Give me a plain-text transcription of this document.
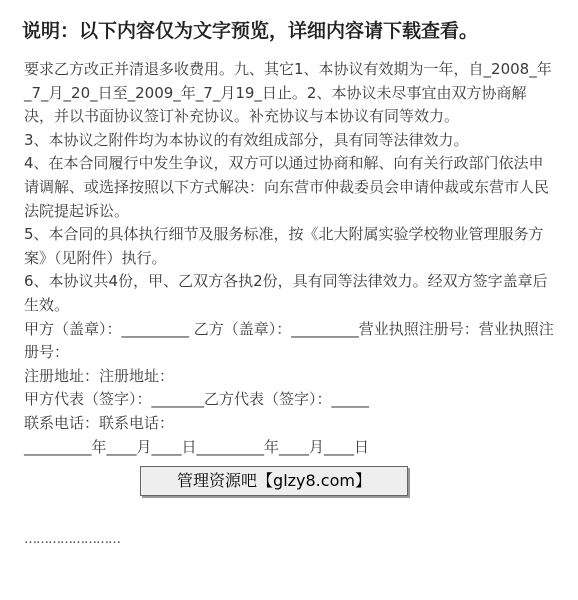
说明：以下内容仅为文字预览，详细内容请下载查看。

要求乙方改正并清退多收费用。九、其它1、本协议有效期为一年，自_2008_年_7_月_20_日至_2009_年_7_月19_日止。2、本协议未尽事宜由双方协商解决，并以书面协议签订补充协议。补充协议与本协议有同等效力。

3、本协议之附件均为本协议的有效组成部分，具有同等法律效力。

4、在本合同履行中发生争议，双方可以通过协商和解、向有关行政部门依法申请调解、或选择按照以下方式解决：向东营市仲裁委员会申请仲裁或东营市人民法院提起诉讼。

5、本合同的具体执行细节及服务标准，按《北大附属实验学校物业管理服务方案》（见附件）执行。

6、本协议共4份，甲、乙双方各执2份，具有同等法律效力。经双方签字盖章后生效。

甲方（盖章）：_________ 乙方（盖章）：_________营业执照注册号：营业执照注册号：

注册地址：注册地址：

甲方代表（签字）：_______乙方代表（签字）：_____

联系电话：联系电话：

_________年____月____日_________年____月____日

……………………
管理资源吧【glzy8.com】
